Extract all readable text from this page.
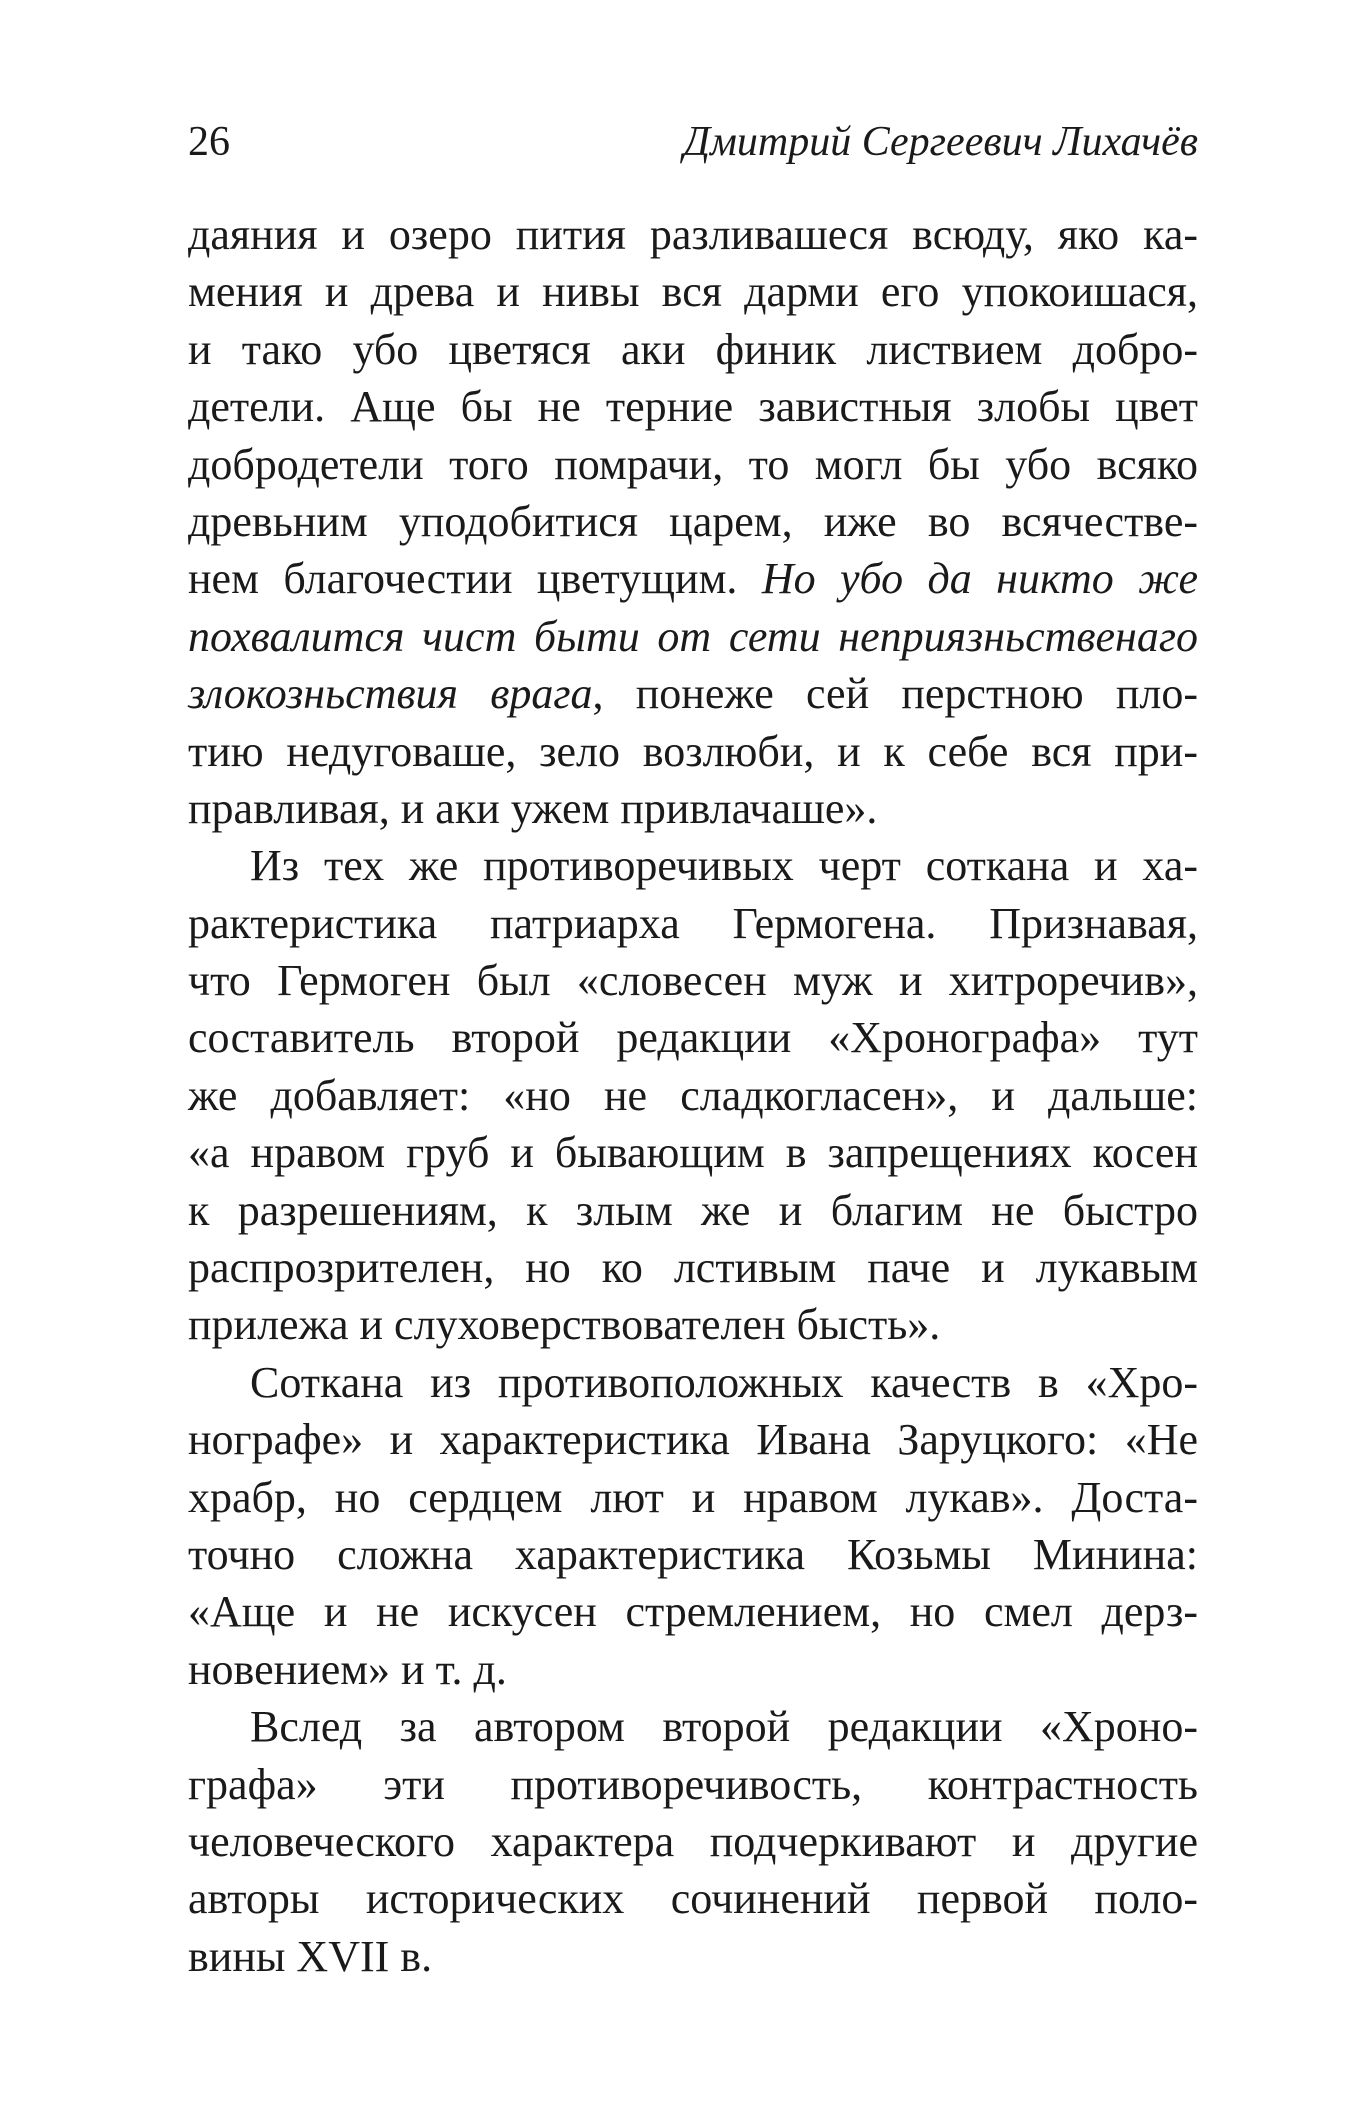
26	Дмитрий Сергеевич Лихачёв
даяния и озеро пития разливашеся всюду, яко ка-
мения и древа и нивы вся дарми его упокоишася,
и тако убо цветяся аки финик листвием добро-
детели. Аще бы не терние завистныя злобы цвет
добродетели того помрачи, то могл бы убо всяко
древьним уподобитися царем, иже во всячестве-
нем благочестии цветущим. Но убо да никто же
похвалится чист быти от сети неприязньственаго
злокозньствия врага, понеже сей перстною пло-
тию недуговаше, зело возлюби, и к себе вся при-
правливая, и аки ужем привлачаше».
Из тех же противоречивых черт соткана и ха-
рактеристика патриарха Гермогена. Признавая,
что Гермоген был «словесен муж и хитроречив»,
составитель второй редакции «Хронографа» тут
же добавляет: «но не сладкогласен», и дальше:
«а нравом груб и бывающим в запрещениях косен
к разрешениям, к злым же и благим не быстро
распрозрителен, но ко лстивым паче и лукавым
прилежа и слуховерствователен бысть».
Соткана из противоположных качеств в «Хро-
нографе» и характеристика Ивана Заруцкого: «Не
храбр, но сердцем лют и нравом лукав». Доста-
точно сложна характеристика Козьмы Минина:
«Аще и не искусен стремлением, но смел дерз-
новением» и т. д.
Вслед за автором второй редакции «Хроно-
графа» эти противоречивость, контрастность
человеческого характера подчеркивают и другие
авторы исторических сочинений первой поло-
вины XVII в.
